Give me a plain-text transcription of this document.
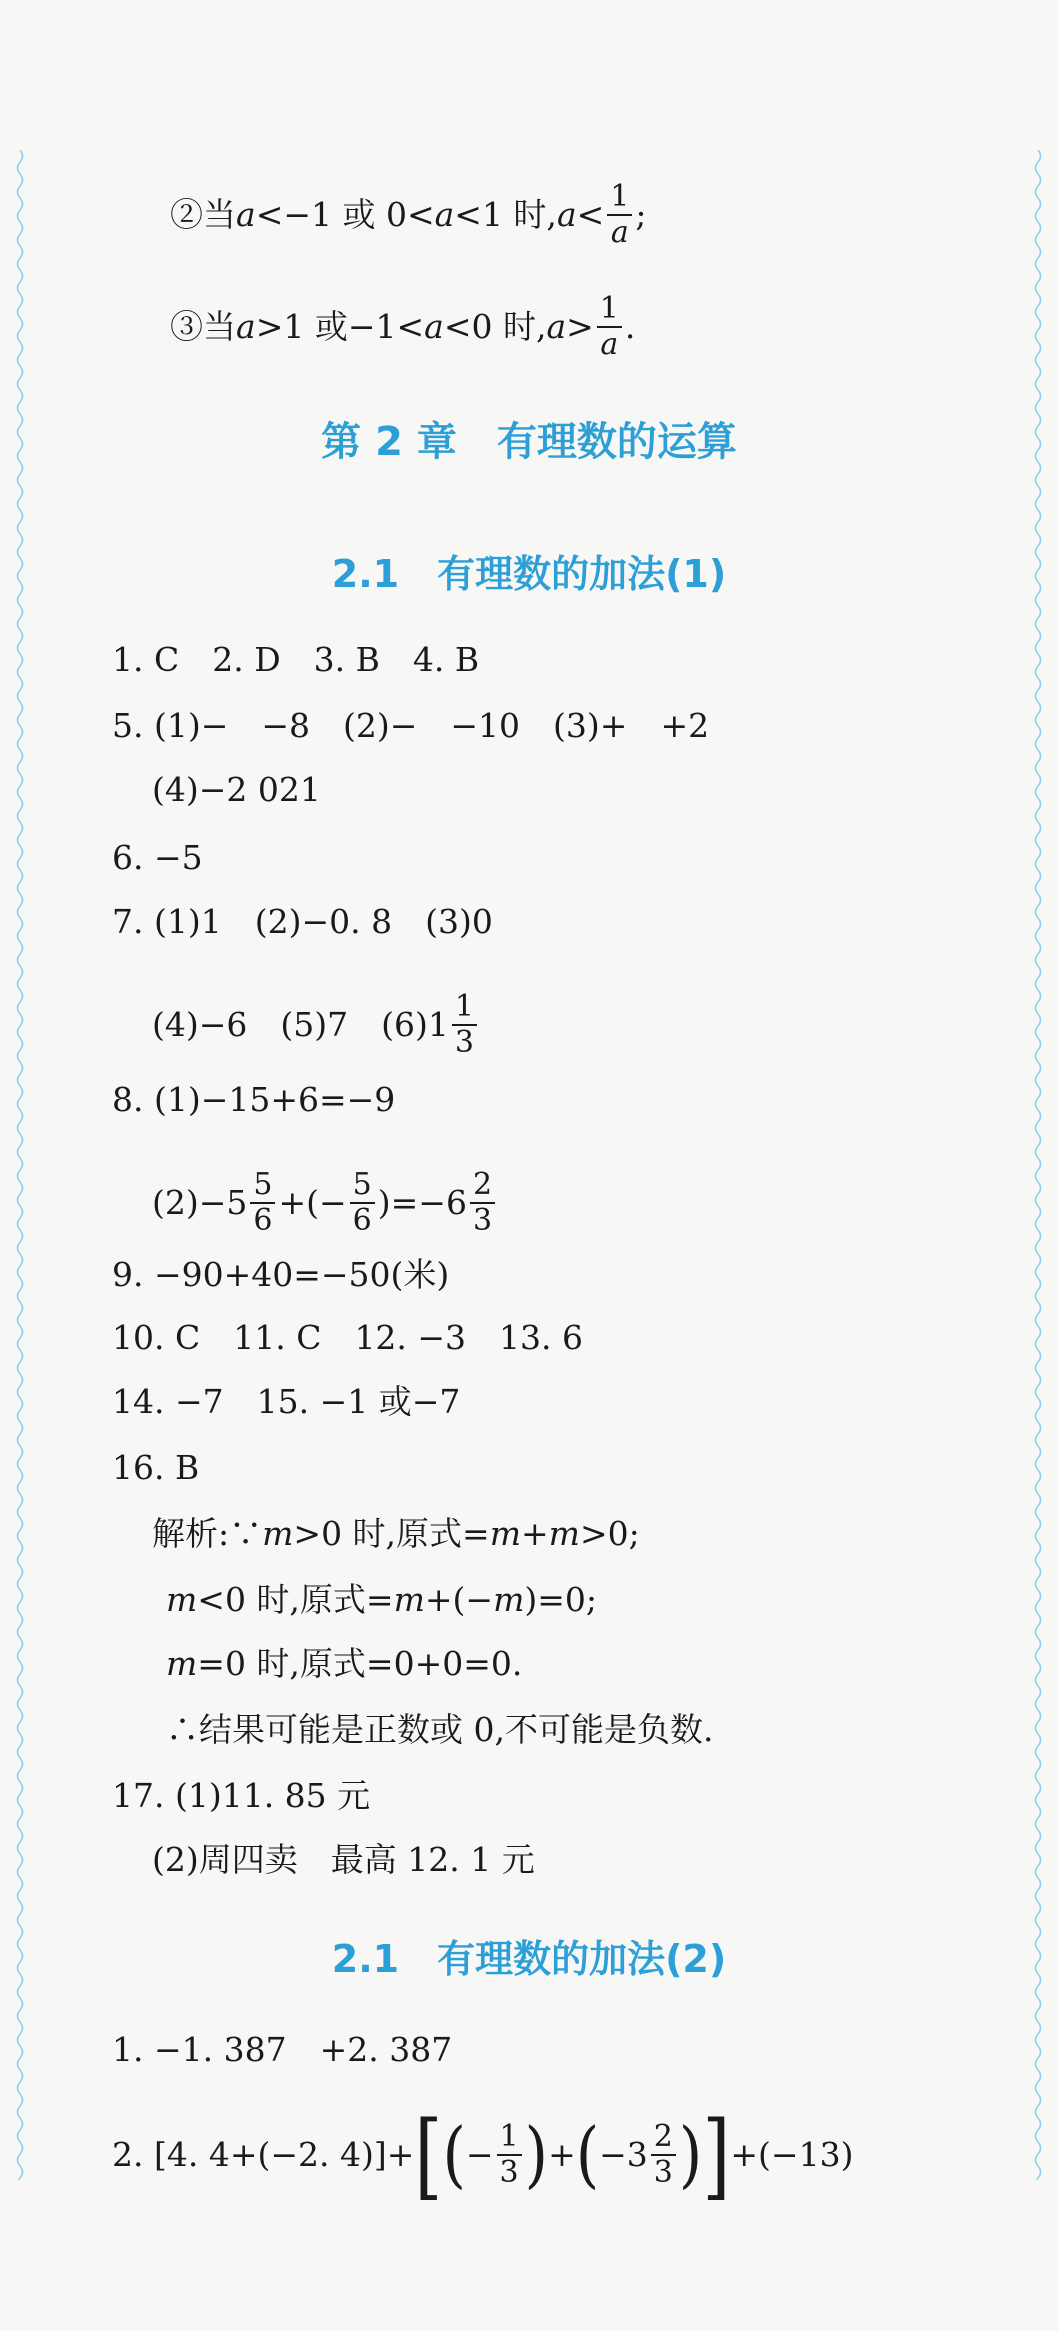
②当 a <−1 或 0< a <1 时, $a < \frac{1}{a}$ ;
③当 a >1 或−1< a <0 时, $a > \frac{1}{a}$ .
第 2 章　有理数的运算
2.1　有理数的加法(1)
1. C　2. D　3. B　4. B
5. (1)−　−8　(2)−　−10　(3)+　+2
(4)−2 021
6. −5
7. (1)1　(2)−0. 8　(3)0
(4)−6　(5)7　$(6)1 \frac{1}{3}$
8. (1)−15+6=−9
$(2)-5 \frac{5}{6}$ +(− $\frac{5}{6} )=-6 \frac{2}{3}$
9. −90+40=−50(米)
10. C　11. C　12. −3　13. 6
14. −7　15. −1 或−7
16. B
解析:∵ m >0 时,原式= m + m >0;
m <0 时,原式= m +(− m )=0;
m =0 时,原式=0+0=0.
∴结果可能是正数或 0,不可能是负数.
17. (1)11. 85 元
(2)周四卖　最高 12. 1 元
2.1　有理数的加法(2)
1. −1. 387　+2. 387
2. [4. 4+(−2. 4)]+ [ ( − $\frac{1}{3}$ ) + ( $-3 \frac{2}{3}$ ) ] +(−13)
